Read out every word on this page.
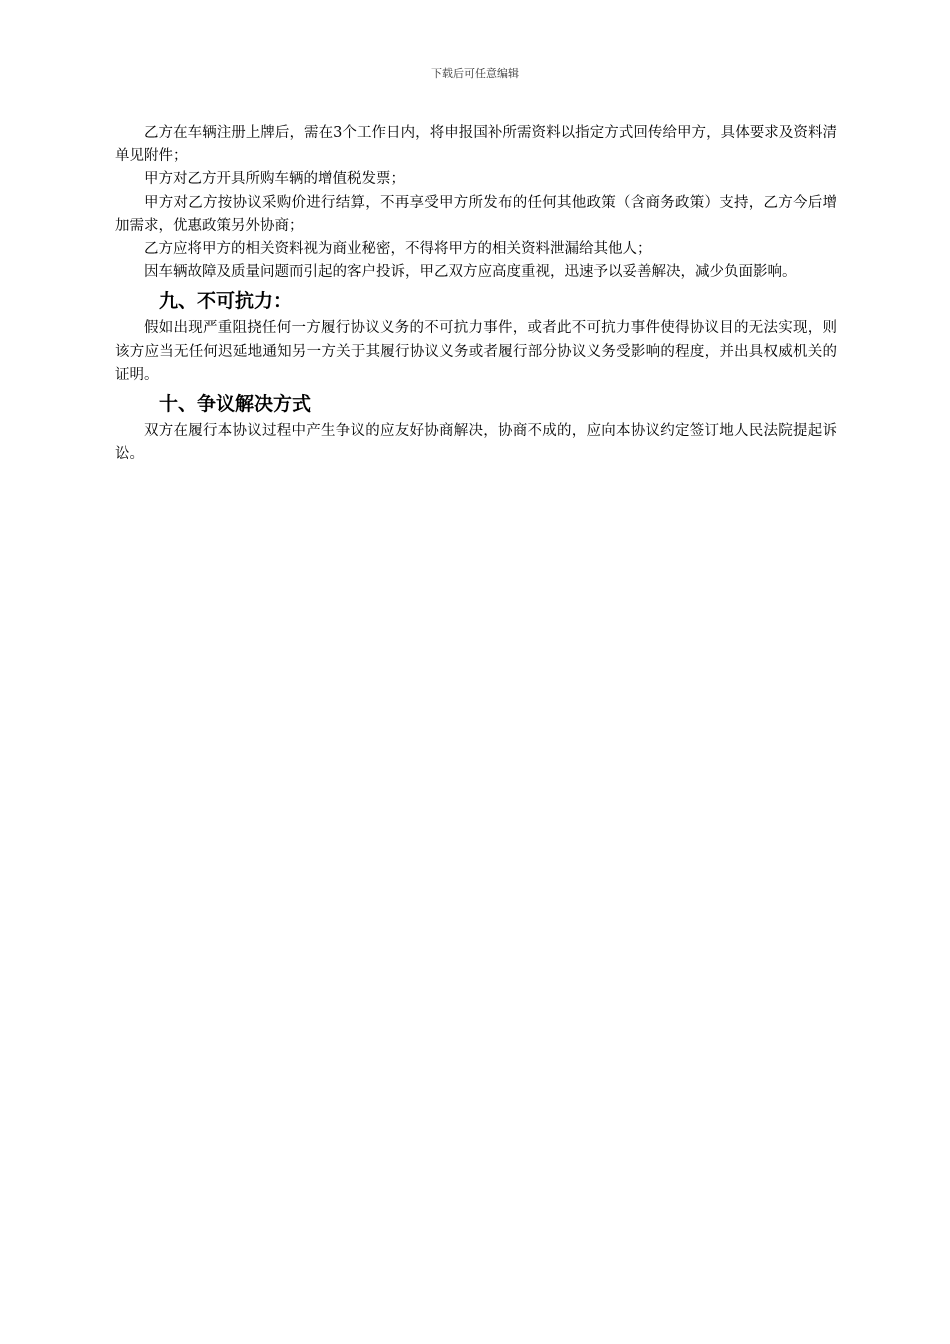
下载后可任意编辑

乙方在车辆注册上牌后，需在3个工作日内，将申报国补所需资料以指定方式回传给甲方，具体要求及资料清单见附件；

甲方对乙方开具所购车辆的增值税发票；

甲方对乙方按协议采购价进行结算，不再享受甲方所发布的任何其他政策（含商务政策）支持，乙方今后增加需求，优惠政策另外协商；

乙方应将甲方的相关资料视为商业秘密，不得将甲方的相关资料泄漏给其他人；

因车辆故障及质量问题而引起的客户投诉，甲乙双方应高度重视，迅速予以妥善解决，减少负面影响。

九、不可抗力：

假如出现严重阻挠任何一方履行协议义务的不可抗力事件，或者此不可抗力事件使得协议目的无法实现，则该方应当无任何迟延地通知另一方关于其履行协议义务或者履行部分协议义务受影响的程度，并出具权威机关的证明。

十、争议解决方式

双方在履行本协议过程中产生争议的应友好协商解决，协商不成的，应向本协议约定签订地人民法院提起诉讼。
